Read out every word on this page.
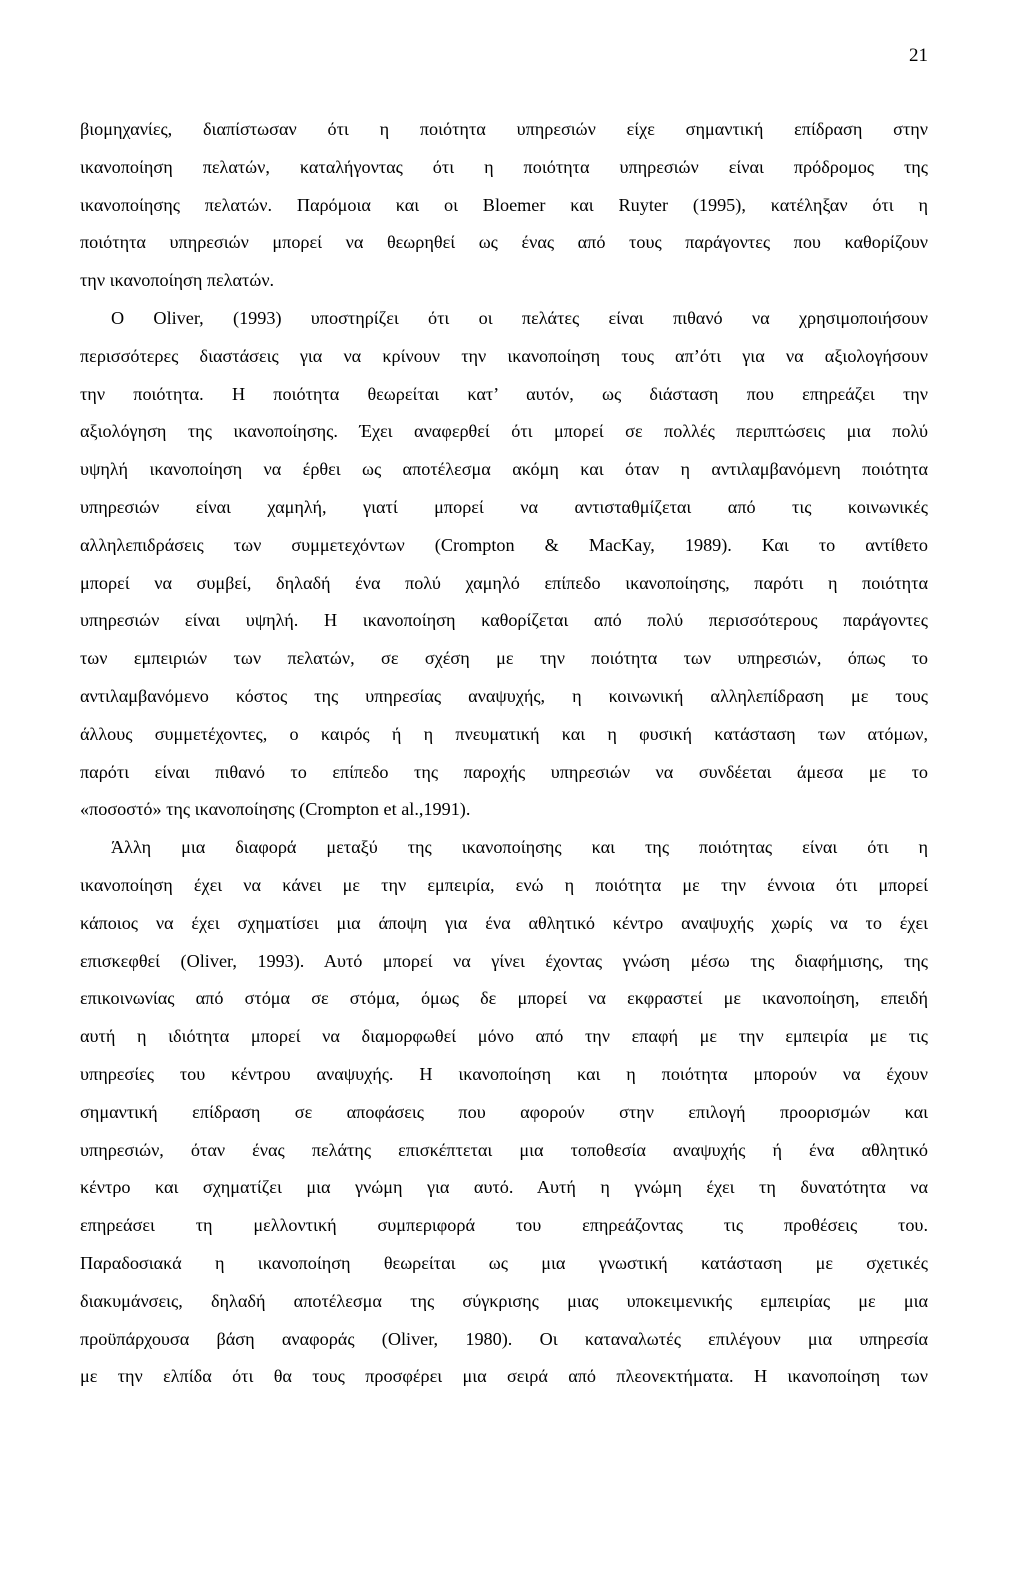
21
βιομηχανίες, διαπίστωσαν ότι η ποιότητα υπηρεσιών είχε σημαντική επίδραση στην
ικανοποίηση πελατών, καταλήγοντας ότι η ποιότητα υπηρεσιών είναι πρόδρομος της
ικανοποίησης πελατών. Παρόμοια και οι Bloemer και Ruyter (1995), κατέληξαν ότι η
ποιότητα υπηρεσιών μπορεί να θεωρηθεί ως ένας από τους παράγοντες που καθορίζουν
την ικανοποίηση πελατών.
Ο Oliver, (1993) υποστηρίζει ότι οι πελάτες είναι πιθανό να χρησιμοποιήσουν
περισσότερες διαστάσεις για να κρίνουν την ικανοποίηση τους απ’ότι για να αξιολογήσουν
την ποιότητα. Η ποιότητα θεωρείται κατ’ αυτόν, ως διάσταση που επηρεάζει την
αξιολόγηση της ικανοποίησης. Έχει αναφερθεί ότι μπορεί σε πολλές περιπτώσεις μια πολύ
υψηλή ικανοποίηση να έρθει ως αποτέλεσμα ακόμη και όταν η αντιλαμβανόμενη ποιότητα
υπηρεσιών είναι χαμηλή, γιατί μπορεί να αντισταθμίζεται από τις κοινωνικές
αλληλεπιδράσεις των συμμετεχόντων (Crompton & MacKay, 1989). Και το αντίθετο
μπορεί να συμβεί, δηλαδή ένα πολύ χαμηλό επίπεδο ικανοποίησης, παρότι η ποιότητα
υπηρεσιών είναι υψηλή. Η ικανοποίηση καθορίζεται από πολύ περισσότερους παράγοντες
των εμπειριών των πελατών, σε σχέση με την ποιότητα των υπηρεσιών, όπως το
αντιλαμβανόμενο κόστος της υπηρεσίας αναψυχής, η κοινωνική αλληλεπίδραση με τους
άλλους συμμετέχοντες, ο καιρός ή η πνευματική και η φυσική κατάσταση των ατόμων,
παρότι είναι πιθανό το επίπεδο της παροχής υπηρεσιών να συνδέεται άμεσα με το
«ποσοστό» της ικανοποίησης (Crompton et al.,1991).
Άλλη μια διαφορά μεταξύ της ικανοποίησης και της ποιότητας είναι ότι η
ικανοποίηση έχει να κάνει με την εμπειρία, ενώ η ποιότητα με την έννοια ότι μπορεί
κάποιος να έχει σχηματίσει μια άποψη για ένα αθλητικό κέντρο αναψυχής χωρίς να το έχει
επισκεφθεί (Oliver, 1993). Αυτό μπορεί να γίνει έχοντας γνώση μέσω της διαφήμισης, της
επικοινωνίας από στόμα σε στόμα, όμως δε μπορεί να εκφραστεί με ικανοποίηση, επειδή
αυτή η ιδιότητα μπορεί να διαμορφωθεί μόνο από την επαφή με την εμπειρία με τις
υπηρεσίες του κέντρου αναψυχής. Η ικανοποίηση και η ποιότητα μπορούν να έχουν
σημαντική επίδραση σε αποφάσεις που αφορούν στην επιλογή προορισμών και
υπηρεσιών, όταν ένας πελάτης επισκέπτεται μια τοποθεσία αναψυχής ή ένα αθλητικό
κέντρο και σχηματίζει μια γνώμη για αυτό. Αυτή η γνώμη έχει τη δυνατότητα να
επηρεάσει τη μελλοντική συμπεριφορά του επηρεάζοντας τις προθέσεις του.
Παραδοσιακά η ικανοποίηση θεωρείται ως μια γνωστική κατάσταση με σχετικές
διακυμάνσεις, δηλαδή αποτέλεσμα της σύγκρισης μιας υποκειμενικής εμπειρίας με μια
προϋπάρχουσα βάση αναφοράς (Oliver, 1980). Οι καταναλωτές επιλέγουν μια υπηρεσία
με την ελπίδα ότι θα τους προσφέρει μια σειρά από πλεονεκτήματα. Η ικανοποίηση των
